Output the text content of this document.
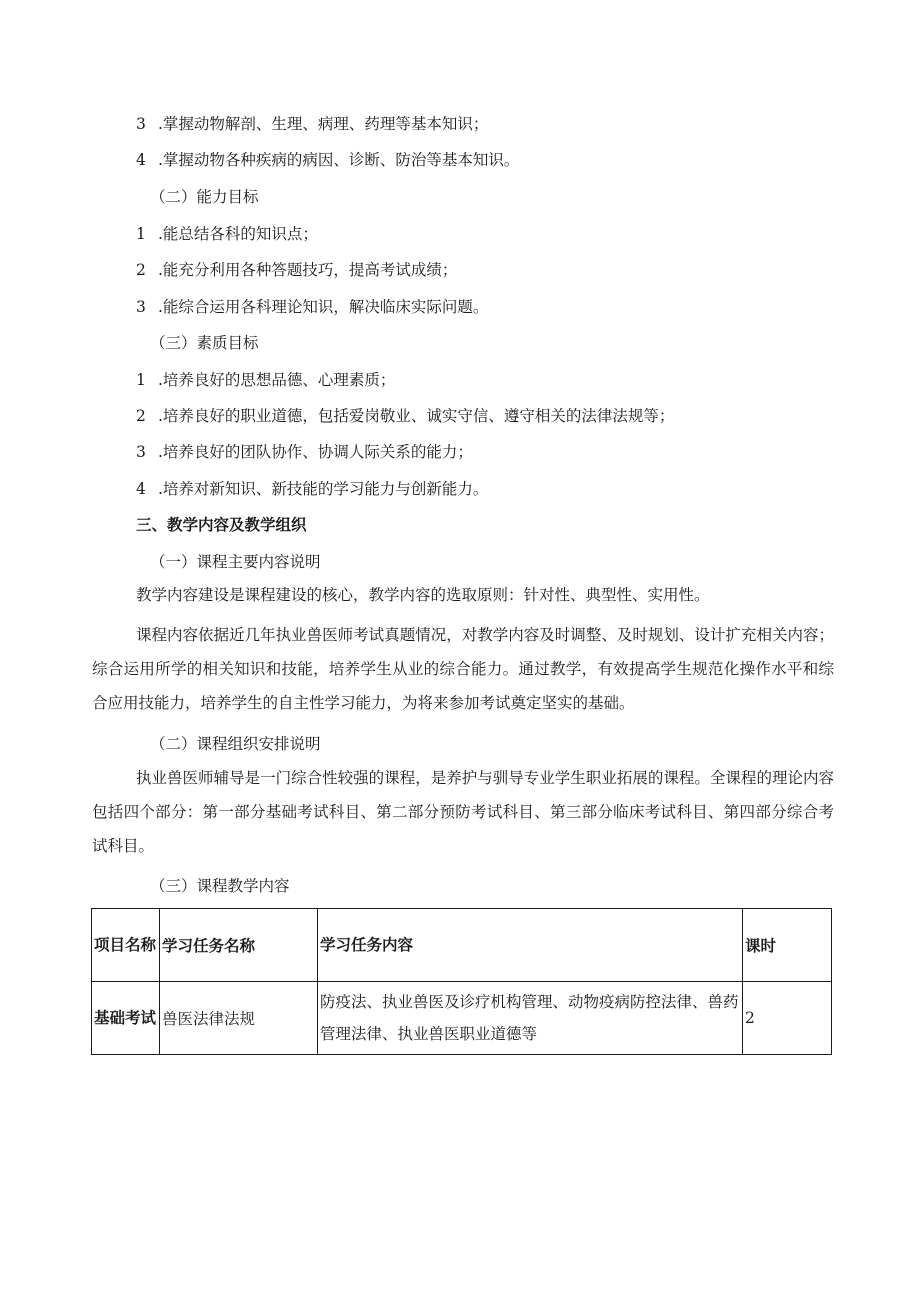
3 .掌握动物解剖、生理、病理、药理等基本知识；
4 .掌握动物各种疾病的病因、诊断、防治等基本知识。
（二）能力目标
1 .能总结各科的知识点；
2 .能充分利用各种答题技巧，提高考试成绩；
3 .能综合运用各科理论知识，解决临床实际问题。
（三）素质目标
1 .培养良好的思想品德、心理素质；
2 .培养良好的职业道德，包括爱岗敬业、诚实守信、遵守相关的法律法规等；
3 .培养良好的团队协作、协调人际关系的能力；
4 .培养对新知识、新技能的学习能力与创新能力。
三、教学内容及教学组织
（一）课程主要内容说明
教学内容建设是课程建设的核心，教学内容的选取原则：针对性、典型性、实用性。
课程内容依据近几年执业兽医师考试真题情况，对教学内容及时调整、及时规划、设计扩充相关内容；综合运用所学的相关知识和技能，培养学生从业的综合能力。通过教学，有效提高学生规范化操作水平和综合应用技能力，培养学生的自主性学习能力，为将来参加考试奠定坚实的基础。
（二）课程组织安排说明
执业兽医师辅导是一门综合性较强的课程，是养护与驯导专业学生职业拓展的课程。全课程的理论内容包括四个部分：第一部分基础考试科目、第二部分预防考试科目、第三部分临床考试科目、第四部分综合考试科目。
（三）课程教学内容
项目名称	学习任务名称	学习任务内容	课时
基础考试	兽医法律法规	防疫法、执业兽医及诊疗机构管理、动物疫病防控法律、兽药管理法律、执业兽医职业道德等	2
